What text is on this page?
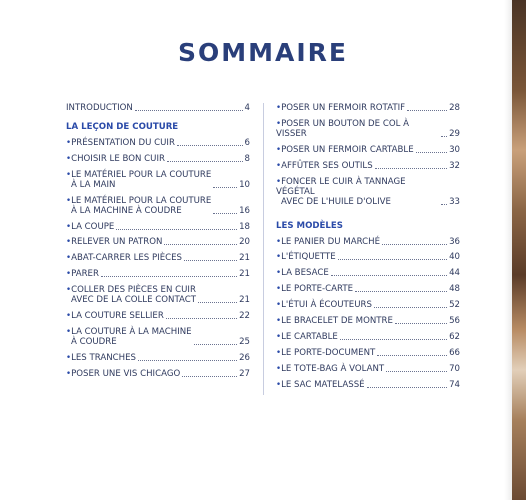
SOMMAIRE
INTRODUCTION	4
LA LEÇON DE COUTURE
•PRÉSENTATION DU CUIR	6
•CHOISIR LE BON CUIR	8
•LE MATÉRIEL POUR LA COUTURE
À LA MAIN	10
•LE MATÉRIEL POUR LA COUTURE
À LA MACHINE À COUDRE	16
•LA COUPE	18
•RELEVER UN PATRON	20
•ABAT-CARRER LES PIÈCES	21
•PARER	21
•COLLER DES PIÈCES EN CUIR
AVEC DE LA COLLE CONTACT	21
•LA COUTURE SELLIER	22
•LA COUTURE À LA MACHINE
À COUDRE	25
•LES TRANCHES	26
•POSER UNE VIS CHICAGO	27
•POSER UN FERMOIR ROTATIF	28
•POSER UN BOUTON DE COL À VISSER	29
•POSER UN FERMOIR CARTABLE	30
•AFFÛTER SES OUTILS	32
•FONCER LE CUIR À TANNAGE VÉGÉTAL
AVEC DE L'HUILE D'OLIVE	33
LES MODÈLES
•LE PANIER DU MARCHÉ	36
•L'ÉTIQUETTE	40
•LA BESACE	44
•LE PORTE-CARTE	48
•L'ÉTUI À ÉCOUTEURS	52
•LE BRACELET DE MONTRE	56
•LE CARTABLE	62
•LE PORTE-DOCUMENT	66
•LE TOTE-BAG À VOLANT	70
•LE SAC MATELASSÉ	74
